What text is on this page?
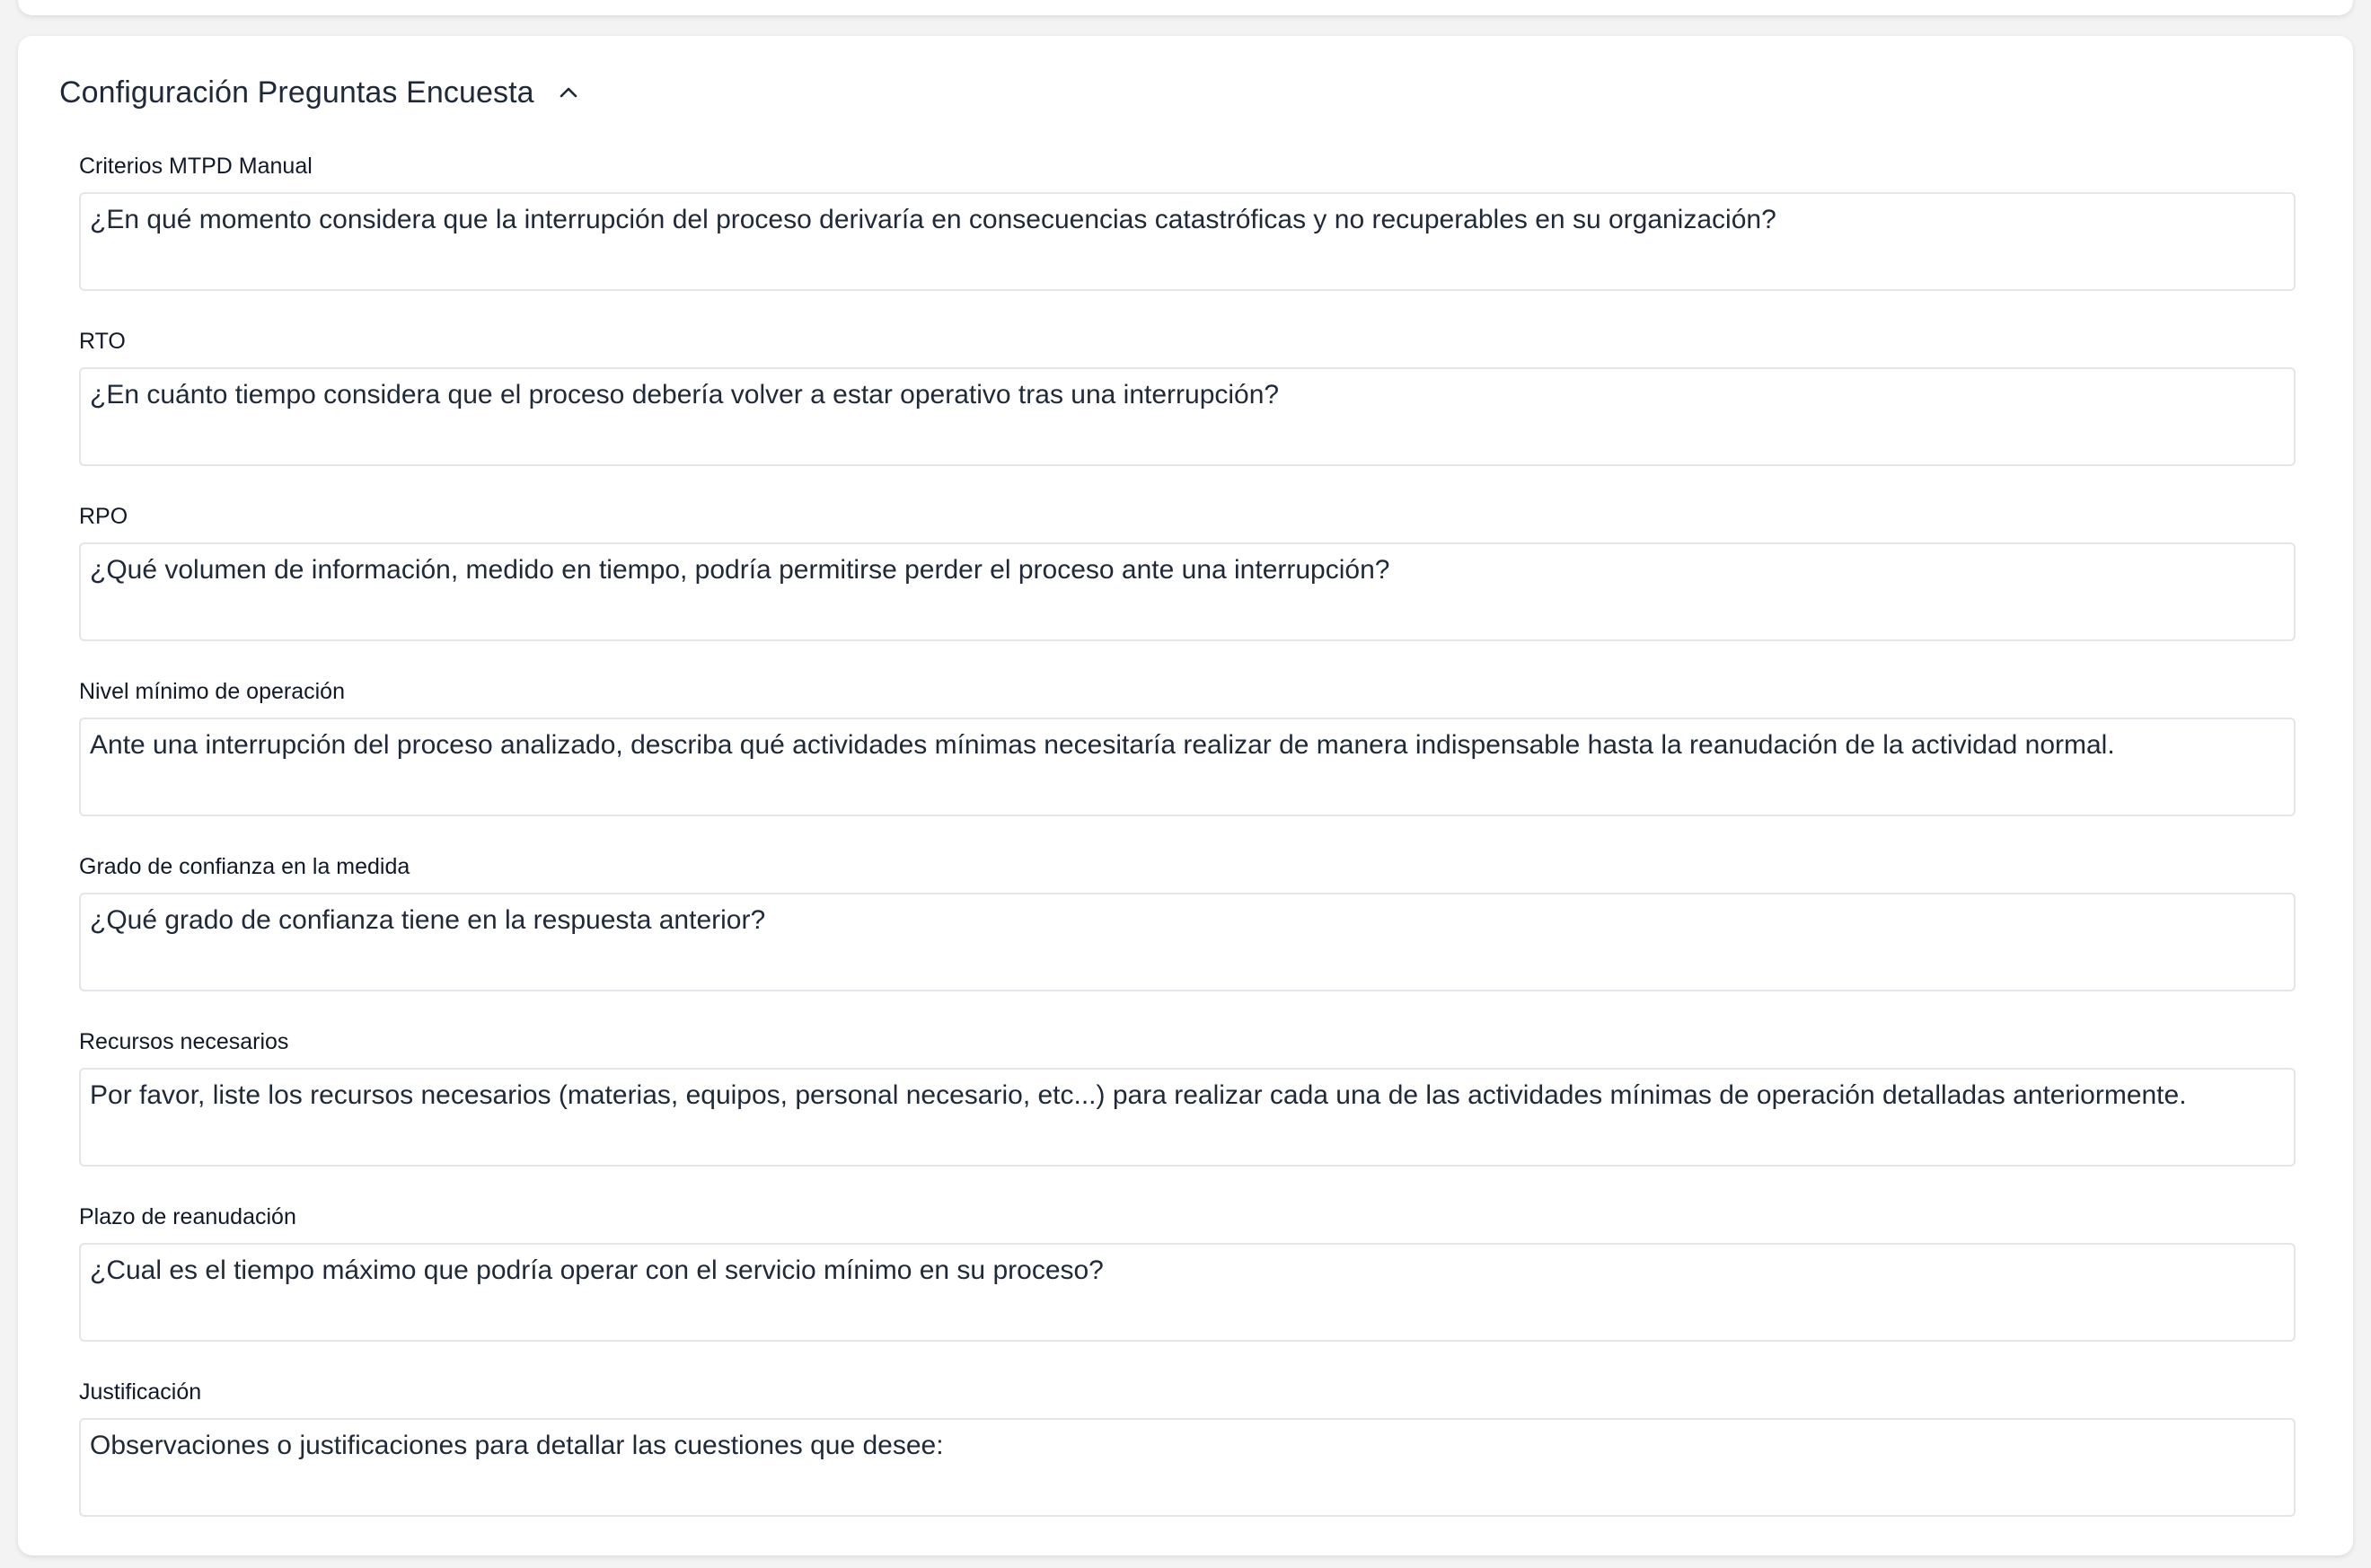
Configuración Preguntas Encuesta
Criterios MTPD Manual
¿En qué momento considera que la interrupción del proceso derivaría en consecuencias catastróficas y no recuperables en su organización?
RTO
¿En cuánto tiempo considera que el proceso debería volver a estar operativo tras una interrupción?
RPO
¿Qué volumen de información, medido en tiempo, podría permitirse perder el proceso ante una interrupción?
Nivel mínimo de operación
Ante una interrupción del proceso analizado, describa qué actividades mínimas necesitaría realizar de manera indispensable hasta la reanudación de la actividad normal.
Grado de confianza en la medida
¿Qué grado de confianza tiene en la respuesta anterior?
Recursos necesarios
Por favor, liste los recursos necesarios (materias, equipos, personal necesario, etc...) para realizar cada una de las actividades mínimas de operación detalladas anteriormente.
Plazo de reanudación
¿Cual es el tiempo máximo que podría operar con el servicio mínimo en su proceso?
Justificación
Observaciones o justificaciones para detallar las cuestiones que desee:
